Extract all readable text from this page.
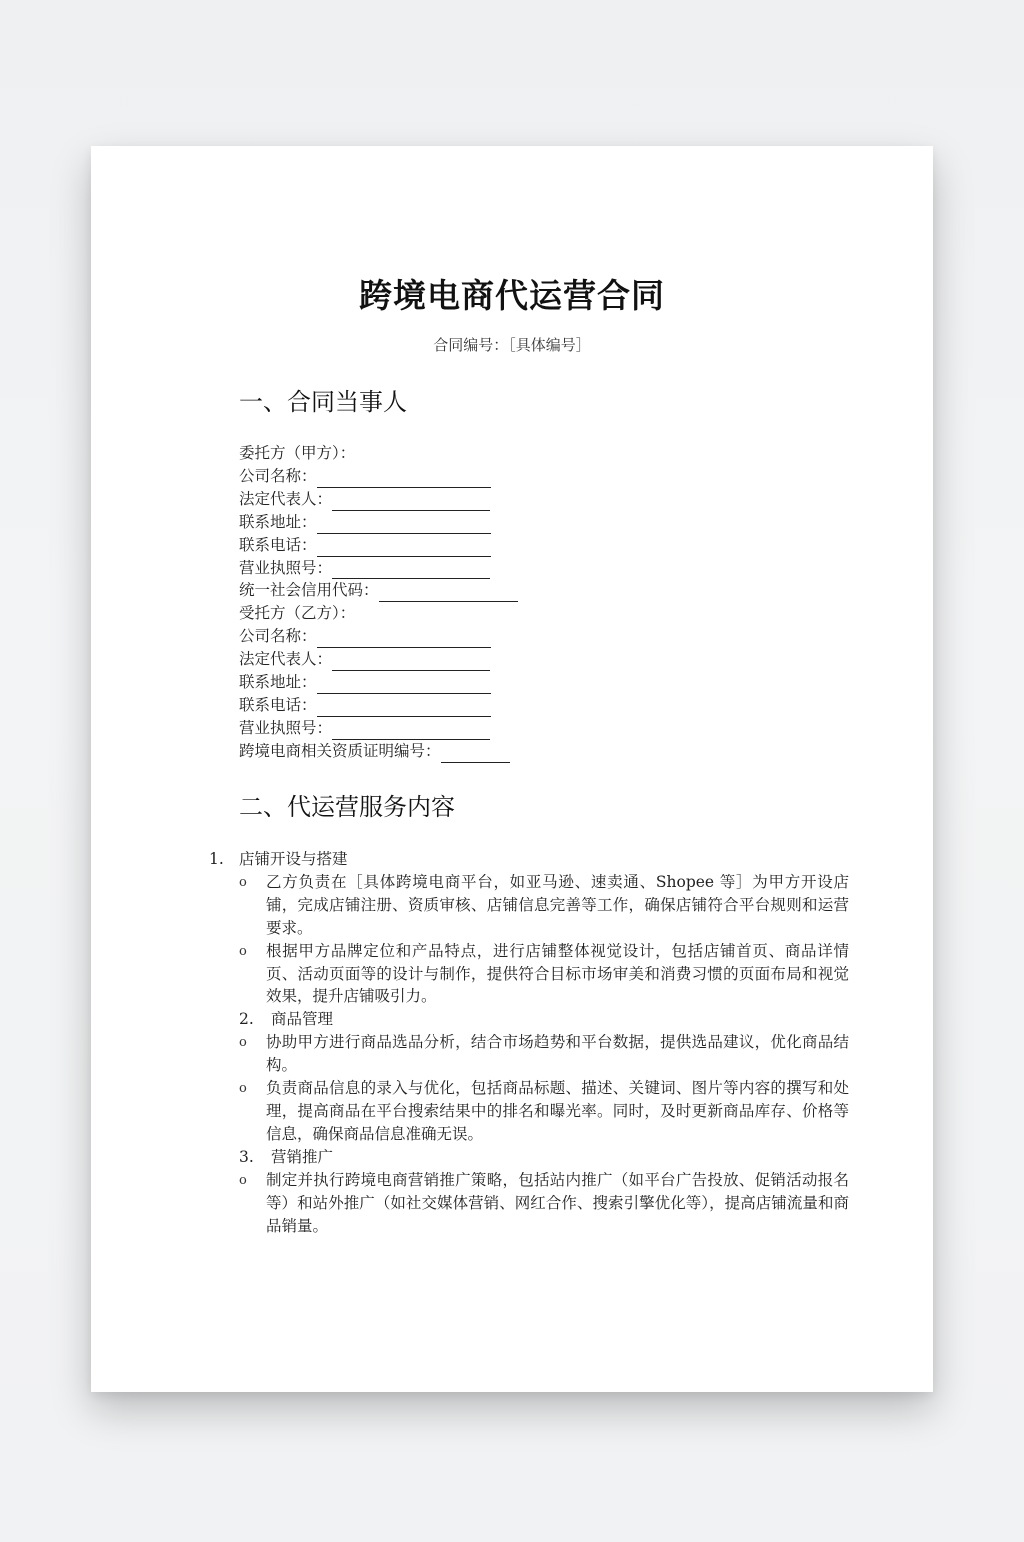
跨境电商代运营合同
合同编号：［具体编号］
一、合同当事人
委托方（甲方）：
公司名称：
法定代表人：
联系地址：
联系电话：
营业执照号：
统一社会信用代码：
受托方（乙方）：
公司名称：
法定代表人：
联系地址：
联系电话：
营业执照号：
跨境电商相关资质证明编号：
二、代运营服务内容
1. 店铺开设与搭建
o	乙方负责在［具体跨境电商平台，如亚马逊、速卖通、Shopee 等］为甲方开设店铺，完成店铺注册、资质审核、店铺信息完善等工作，确保店铺符合平台规则和运营要求。
o	根据甲方品牌定位和产品特点，进行店铺整体视觉设计，包括店铺首页、商品详情页、活动页面等的设计与制作，提供符合目标市场审美和消费习惯的页面布局和视觉效果，提升店铺吸引力。
2.	商品管理
o	协助甲方进行商品选品分析，结合市场趋势和平台数据，提供选品建议，优化商品结构。
o	负责商品信息的录入与优化，包括商品标题、描述、关键词、图片等内容的撰写和处理，提高商品在平台搜索结果中的排名和曝光率。同时，及时更新商品库存、价格等信息，确保商品信息准确无误。
3.	营销推广
o	制定并执行跨境电商营销推广策略，包括站内推广（如平台广告投放、促销活动报名等）和站外推广（如社交媒体营销、网红合作、搜索引擎优化等），提高店铺流量和商品销量。
